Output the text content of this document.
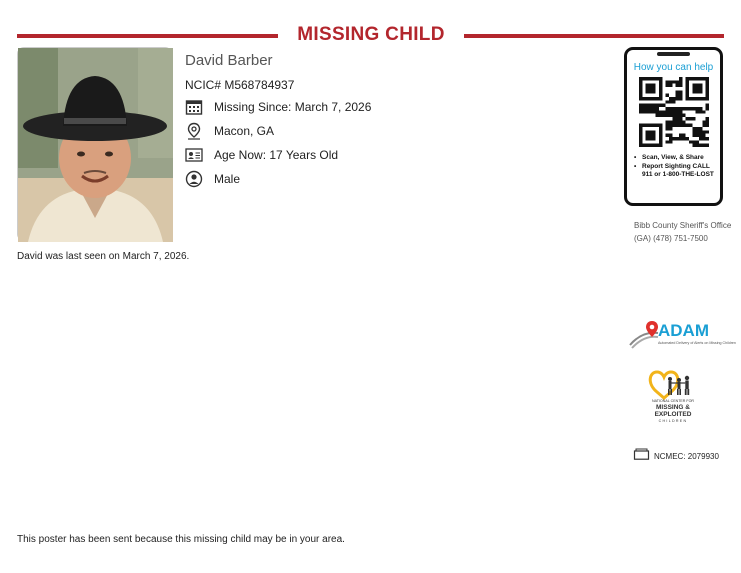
MISSING CHILD
David Barber
NCIC# M568784937
Missing Since: March 7, 2026
Macon, GA
Age Now: 17 Years Old
Male
David was last seen on March 7, 2026.
How you can help
• Scan, View, & Share
• Report Sighting CALL 911 or 1-800-THE-LOST
Bibb County Sheriff's Office (GA) (478) 751-7500
ADAM
Automated Delivery of Alerts on Missing Children
NATIONAL CENTER FOR
MISSING &
EXPLOITED
CHILDREN
NCMEC: 2079930
This poster has been sent because this missing child may be in your area.
